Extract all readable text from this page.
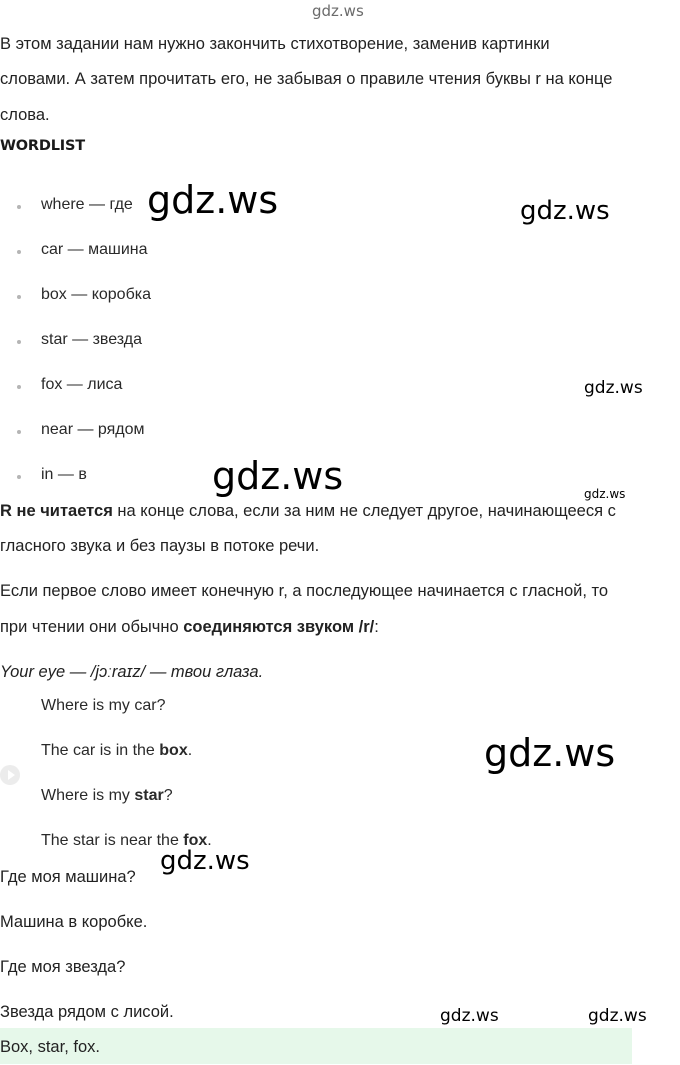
gdz.ws
В этом задании нам нужно закончить стихотворение, заменив картинки
словами. А затем прочитать его, не забывая о правиле чтения буквы r на конце
слова.
WORDLIST
where — где
car — машина
box — коробка
star — звезда
fox — лиса
near — рядом
in — в
R не читается на конце слова, если за ним не следует другое, начинающееся с
гласного звука и без паузы в потоке речи.
Если первое слово имеет конечную r, а последующее начинается с гласной, то
при чтении они обычно соединяются звуком /r/:
Your eye — /jɔːraɪz/ — твои глаза.
Where is my car?
The car is in the box.
Where is my star?
The star is near the fox.
Где моя машина?
Машина в коробке.
Где моя звезда?
Звезда рядом с лисой.
Box, star, fox.
gdz.ws	gdz.ws
gdz.ws
gdz.ws	gdz.ws
gdz.ws
gdz.ws
gdz.ws	gdz.ws
